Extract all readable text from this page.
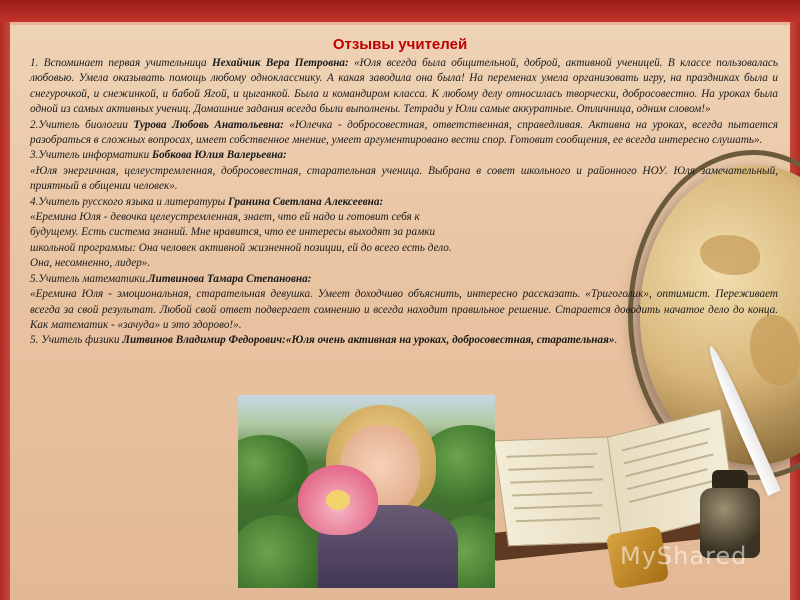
MyShared
Отзывы учителей

1. Вспоминает первая учительница Нехайчик Вера Петровна: «Юля всегда была общительной, доброй, активной ученицей. В классе пользовалась любовью. Умела оказывать помощь любому однокласснику. А какая заводила она была! На переменах умела организовать игру, на праздниках была и снегурочкой, и снежинкой, и бабой Ягой, и цыганкой. Была и командиром класса. К любому делу относилась творчески, добросовестно. На уроках была одной из самых активных учениц. Домашние задания всегда были выполнены. Тетради у Юли самые аккуратные. Отличница, одним словом!»

2.Учитель биологии Турова Любовь Анатольевна: «Юлечка - добросовестная, ответственная, справедливая. Активна на уроках, всегда пытается разобраться в сложных вопросах, имеет собственное мнение, умеет аргументировано вести спор. Готовит сообщения, ее всегда интересно слушать».

3.Учитель информатики Бобкова Юлия Валерьевна:

«Юля энергичная, целеустремленная, добросовестная, старательная ученица. Выбрана в совет школьного и районного НОУ. Юля замечательный, приятный в общении человек».

4.Учитель русского языка и литературы Гранина Светлана Алексеевна:

«Еремина Юля - девочка целеустремленная, знает, что ей надо и готовит себя к будущему. Есть система знаний. Мне нравится, что ее интересы выходят за рамки школьной программы: Она человек активной жизненной позиции, ей до всего есть дело. Она, несомненно, лидер».

5.Учитель математики.Литвинова Тамара Степановна:

«Еремина Юля - эмоциональная, старательная девушка. Умеет доходчиво объяснить, интересно рассказать. «Тригоголик», оптимист. Переживает всегда за свой результат. Любой свой ответ подвергает сомнению и всегда находит правильное решение. Старается доводить начатое дело до конца. Как математик - «зачуда» и это здорово!».

5. Учитель физики Литвинов Владимир Федорович:«Юля очень активная на уроках, добросовестная, старательная».
